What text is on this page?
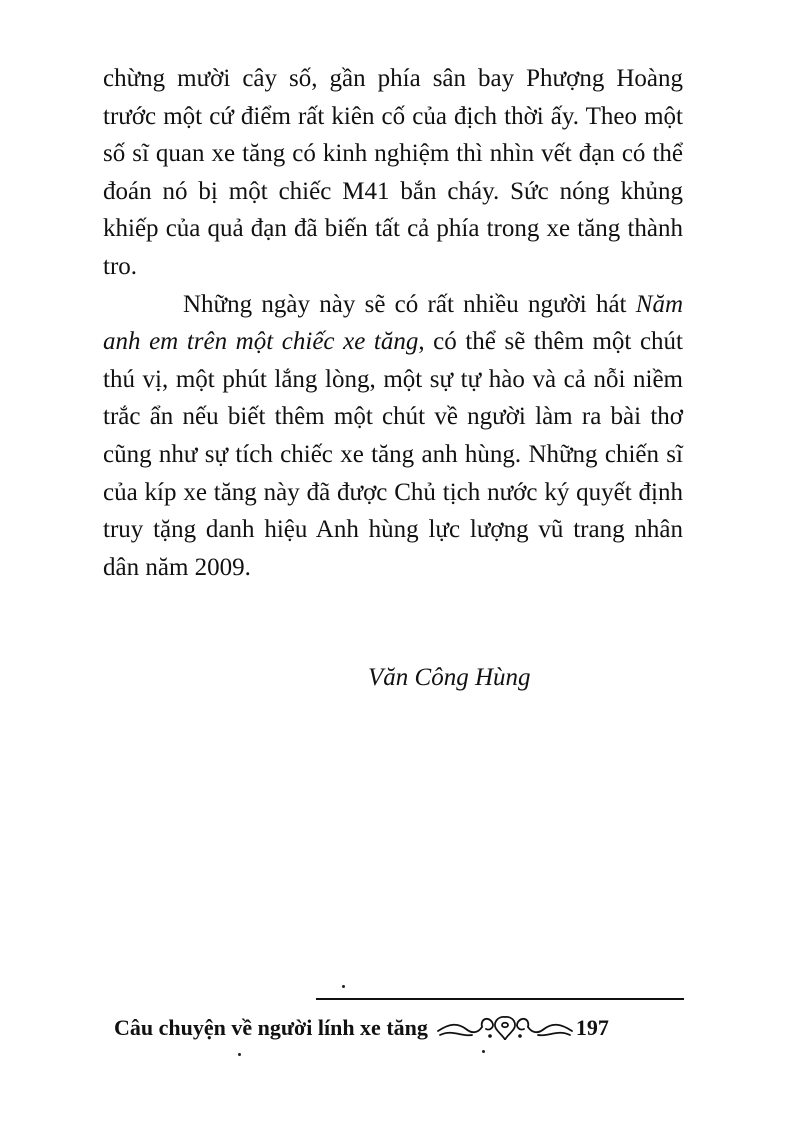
chừng mười cây số, gần phía sân bay Phượng Hoàng trước một cứ điểm rất kiên cố của địch thời ấy. Theo một số sĩ quan xe tăng có kinh nghiệm thì nhìn vết đạn có thể đoán nó bị một chiếc M41 bắn cháy. Sức nóng khủng khiếp của quả đạn đã biến tất cả phía trong xe tăng thành tro.

Những ngày này sẽ có rất nhiều người hát Năm anh em trên một chiếc xe tăng, có thể sẽ thêm một chút thú vị, một phút lắng lòng, một sự tự hào và cả nỗi niềm trắc ẩn nếu biết thêm một chút về người làm ra bài thơ cũng như sự tích chiếc xe tăng anh hùng. Những chiến sĩ của kíp xe tăng này đã được Chủ tịch nước ký quyết định truy tặng danh hiệu Anh hùng lực lượng vũ trang nhân dân năm 2009.

Văn Công Hùng
Câu chuyện về người lính xe tăng	197
